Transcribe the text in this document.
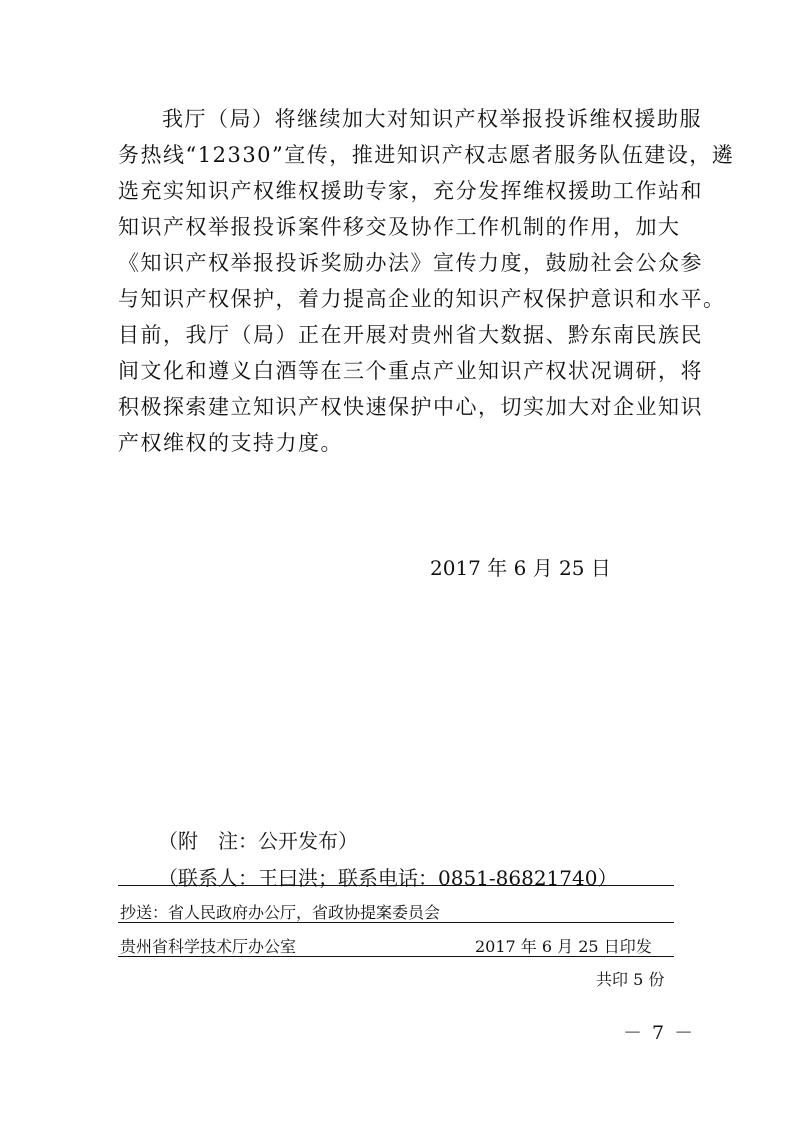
我厅（局）将继续加大对知识产权举报投诉维权援助服
务热线“12330”宣传，推进知识产权志愿者服务队伍建设，遴
选充实知识产权维权援助专家，充分发挥维权援助工作站和
知识产权举报投诉案件移交及协作工作机制的作用，加大
《知识产权举报投诉奖励办法》宣传力度，鼓励社会公众参
与知识产权保护，着力提高企业的知识产权保护意识和水平。
目前，我厅（局）正在开展对贵州省大数据、黔东南民族民
间文化和遵义白酒等在三个重点产业知识产权状况调研，将
积极探索建立知识产权快速保护中心，切实加大对企业知识
产权维权的支持力度。
2017 年 6 月 25 日
（附　注：公开发布）
（联系人：王曰洪；联系电话：0851-86821740）
抄送：省人民政府办公厅，省政协提案委员会
贵州省科学技术厅办公室	2017 年 6 月 25 日印发
共印 5 份
－ 7 －
